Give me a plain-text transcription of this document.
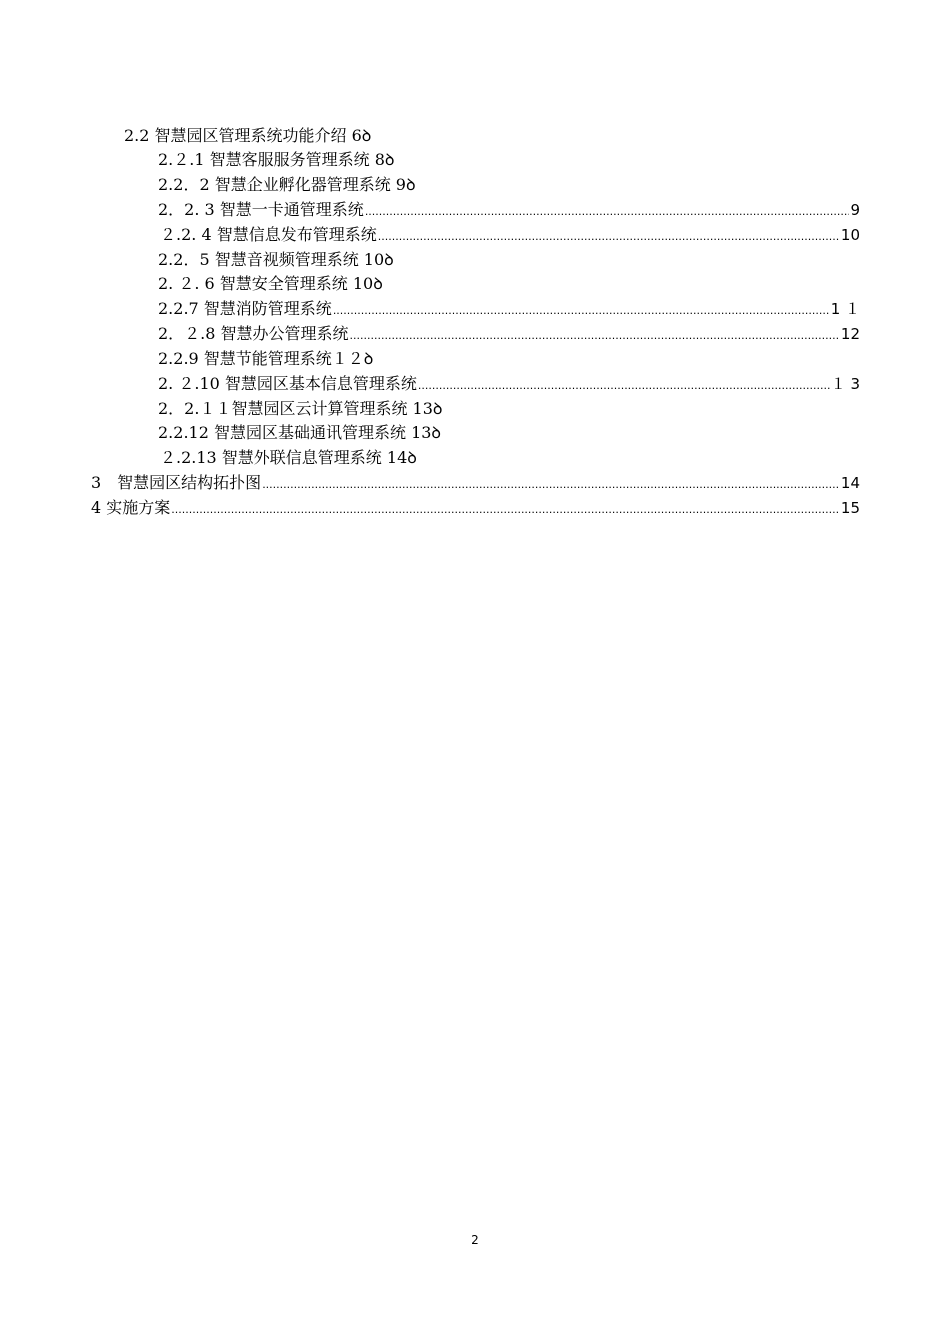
2.2 智慧园区管理系统功能介绍 6ꝺ
2.２.1 智慧客服服务管理系统 8ꝺ
2.2．2 智慧企业孵化器管理系统 9ꝺ
2．2. 3 智慧一卡通管理系统 .....	9
２.2. 4 智慧信息发布管理系统 .....	10
2.2．5 智慧音视频管理系统 10ꝺ
2. ２. 6 智慧安全管理系统 10ꝺ
2.2.7 智慧消防管理系统 .....	1 １
2．２.8 智慧办公管理系统 .....	12
2.2.9 智慧节能管理系统１２ꝺ
2. ２.10 智慧园区基本信息管理系统 .....	１ 3
2．2.１１智慧园区云计算管理系统 13ꝺ
2.2.12 智慧园区基础通讯管理系统 13ꝺ
２.2.13 智慧外联信息管理系统 14ꝺ
3　智慧园区结构拓扑图 .....	14
4 实施方案 .....	15
2
